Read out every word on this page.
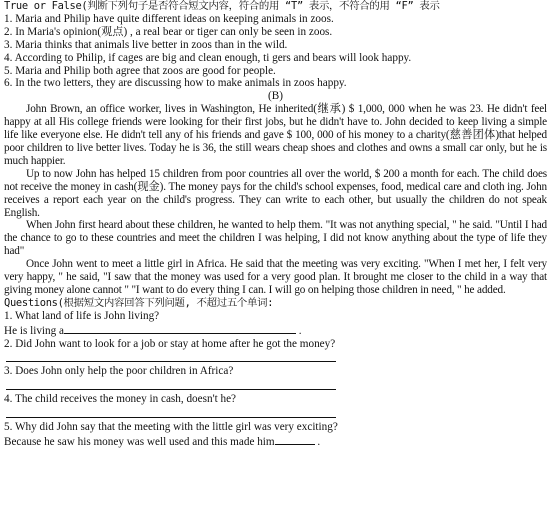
True or False(判断下列句子是否符合短文内容，符合的用 “T” 表示，不符合的用 “F” 表示
1. Maria and Philip have quite different ideas on keeping animals in zoos.
2. In Maria's opinion(观点) , a real bear or tiger can only be seen in zoos.
3. Maria thinks that animals live better in zoos than in the wild.
4. According to Philip, if cages are big and clean enough, ti gers and bears will look happy.
5. Maria and Philip both agree that zoos are good for people.
6. In the two letters, they are discussing how to make animals in zoos happy.
(B)

John Brown, an office worker, lives in Washington, He inherited(继承) $ 1,000, 000 when he was 23. He didn't feel happy at all His college friends were looking for their first jobs, but he didn't have to. John decided to keep living a simple life like everyone else. He didn't tell any of his friends and gave $ 100, 000 of his money to a charity(慈善团体)that helped poor children to live better lives. Today he is 36, the still wears cheap shoes and clothes and owns a small car only, but he is much happier.

Up to now John has helped 15 children from poor countries all over the world, $ 200 a month for each. The child does not receive the money in cash(现金). The money pays for the child's school expenses, food, medical care and cloth ing. John receives a report each year on the child's progress. They can write to each other, but usually the children do not speak English.

When John first heard about these children, he wanted to help them. "It was not anything special, " he said. "Until I had the chance to go to these countries and meet the children I was helping, I did not know anything about the type of life they had"

Once John went to meet a little girl in Africa. He said that the meeting was very exciting. "When I met her, I felt very very happy, " he said, "I saw that the money was used for a very good plan. It brought me closer to the child in a way that giving money alone cannot " "I want to do every thing I can. I will go on helping those children in need, " he added.

Questions(根据短文内容回答下列问题, 不超过五个单词:
1. What land of life is John living?
He is living a	.
2. Did John want to look for a job or stay at home after he got the money?
3. Does John only help the poor children in Africa?
4. The child receives the money in cash, doesn't he?
5. Why did John say that the meeting with the little girl was very exciting?
Because he saw his money was well used and this made him	.
